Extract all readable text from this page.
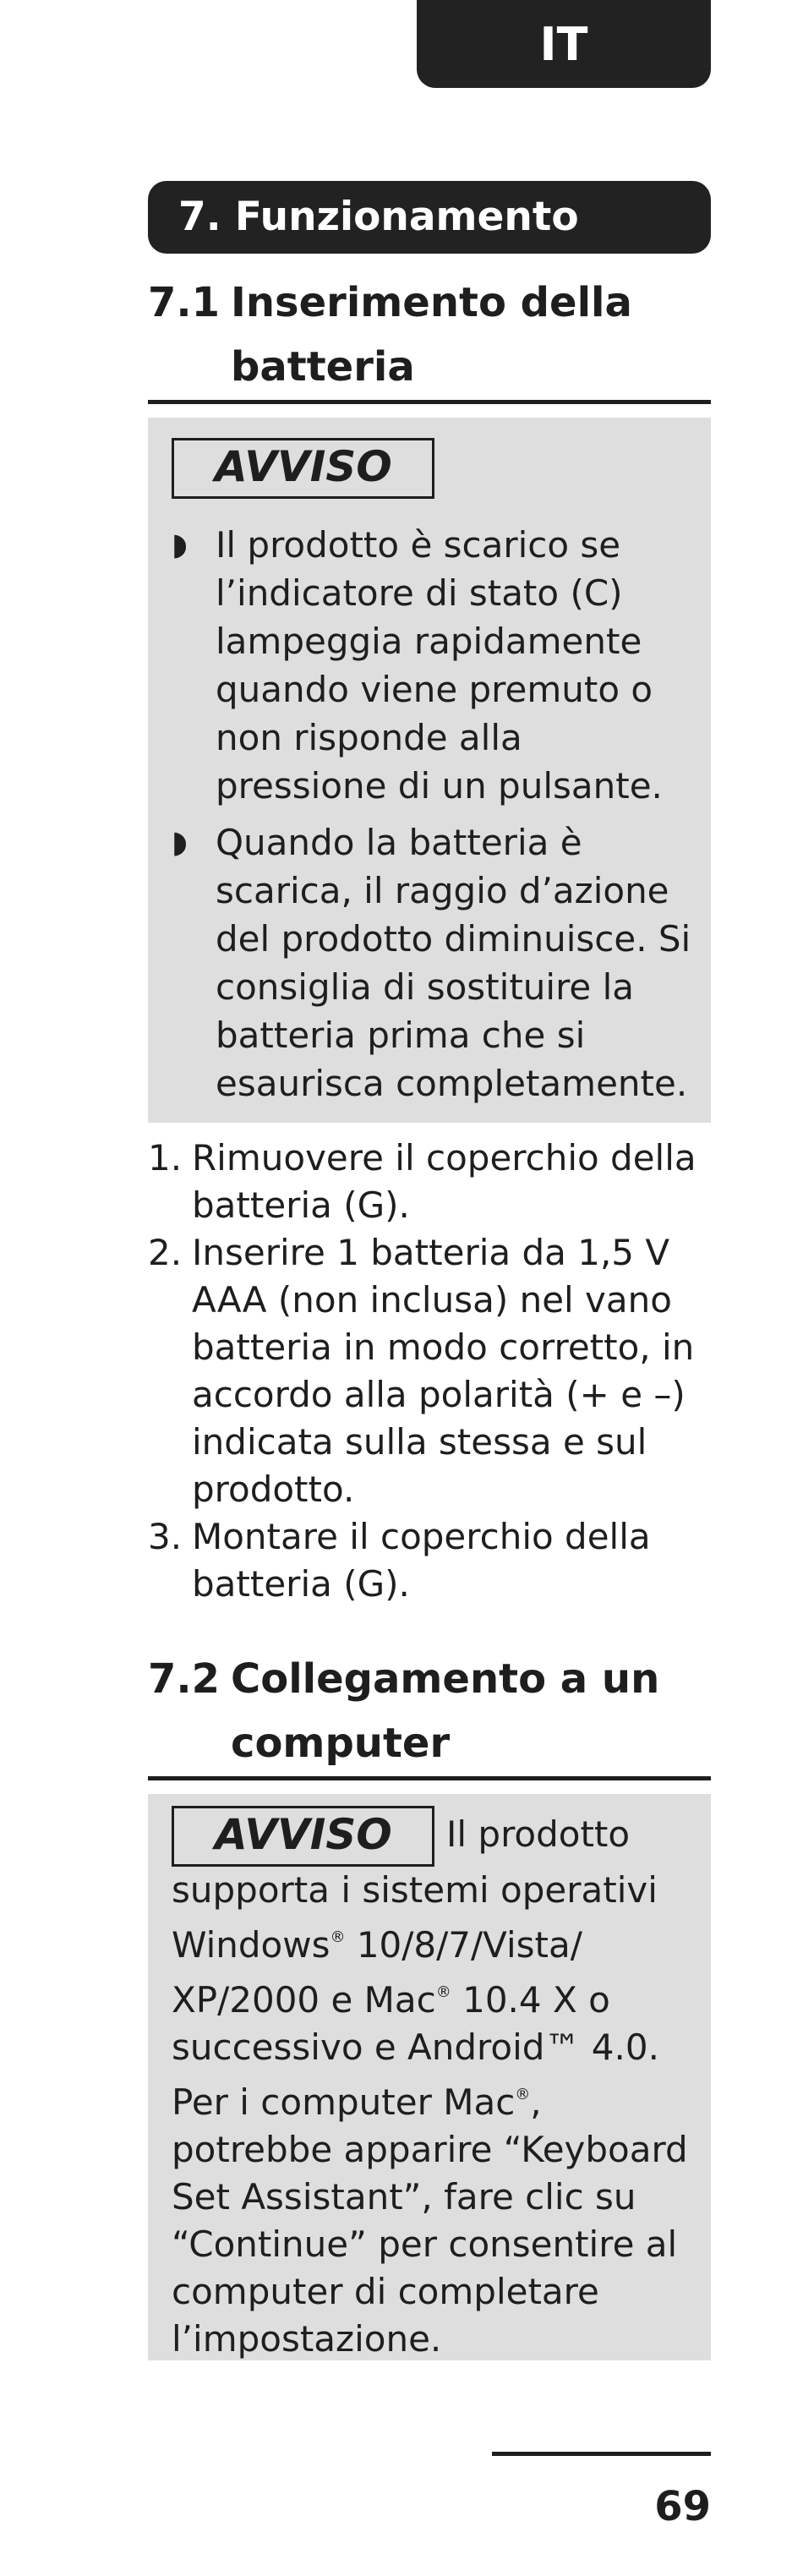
IT
7. Funzionamento
7.1 Inserimento della batteria
AVVISO
◗ Il prodotto è scarico se l’indicatore di stato (C) lampeggia rapidamente quando viene premuto o non risponde alla pressione di un pulsante.
◗ Quando la batteria è scarica, il raggio d’azione del prodotto diminuisce. Si consiglia di sostituire la batteria prima che si esaurisca completamente.
1. Rimuovere il coperchio della batteria (G).
2. Inserire 1 batteria da 1,5 V AAA (non inclusa) nel vano batteria in modo corretto, in accordo alla polarità (+ e –) indicata sulla stessa e sul prodotto.
3. Montare il coperchio della batteria (G).
7.2 Collegamento a un computer
AVVISO Il prodotto supporta i sistemi operativi Windows® 10/8/7/Vista/ XP/2000 e Mac® 10.4 X o successivo e Android™ 4.0. Per i computer Mac®, potrebbe apparire “Keyboard Set Assistant”, fare clic su “Continue” per consentire al computer di completare l’impostazione.
69
